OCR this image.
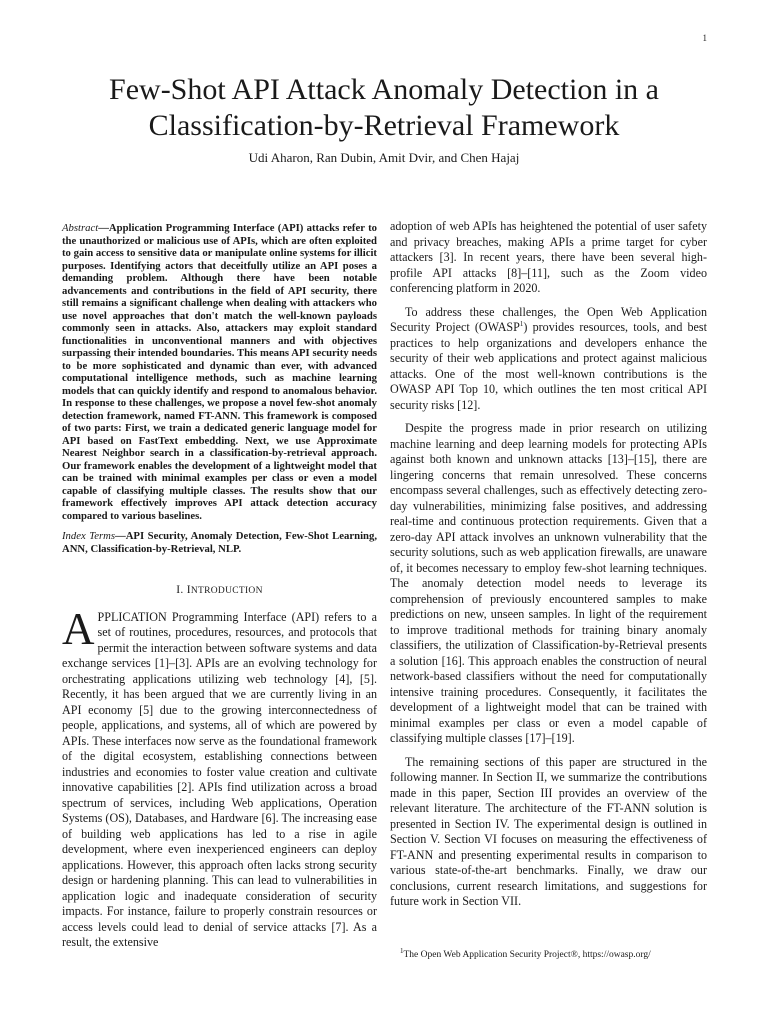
1
Few-Shot API Attack Anomaly Detection in a
Classification-by-Retrieval Framework
Udi Aharon, Ran Dubin, Amit Dvir, and Chen Hajaj

Abstract—Application Programming Interface (API) attacks refer to the unauthorized or malicious use of APIs, which are often exploited to gain access to sensitive data or manipulate online systems for illicit purposes. Identifying actors that deceitfully utilize an API poses a demanding problem. Although there have been notable advancements and contributions in the field of API security, there still remains a significant challenge when dealing with attackers who use novel approaches that don't match the well-known payloads commonly seen in attacks. Also, attackers may exploit standard functionalities in unconventional manners and with objectives surpassing their intended boundaries. This means API security needs to be more sophisticated and dynamic than ever, with advanced computational intelligence methods, such as machine learning models that can quickly identify and respond to anomalous behavior. In response to these challenges, we propose a novel few-shot anomaly detection framework, named FT-ANN. This framework is composed of two parts: First, we train a dedicated generic language model for API based on FastText embedding. Next, we use Approximate Nearest Neighbor search in a classification-by-retrieval approach. Our framework enables the development of a lightweight model that can be trained with minimal examples per class or even a model capable of classifying multiple classes. The results show that our framework effectively improves API attack detection accuracy compared to various baselines.

Index Terms—API Security, Anomaly Detection, Few-Shot Learning, ANN, Classification-by-Retrieval, NLP.

I. INTRODUCTION

APPLICATION Programming Interface (API) refers to a set of routines, procedures, resources, and protocols that permit the interaction between software systems and data exchange services [1]–[3]. APIs are an evolving technology for orchestrating applications utilizing web technology [4], [5]. Recently, it has been argued that we are currently living in an API economy [5] due to the growing interconnectedness of people, applications, and systems, all of which are powered by APIs. These interfaces now serve as the foundational framework of the digital ecosystem, establishing connections between industries and economies to foster value creation and cultivate innovative capabilities [2]. APIs find utilization across a broad spectrum of services, including Web applications, Operation Systems (OS), Databases, and Hardware [6]. The increasing ease of building web applications has led to a rise in agile development, where even inexperienced engineers can deploy applications. However, this approach often lacks strong security design or hardening planning. This can lead to vulnerabilities in application logic and inadequate consideration of security impacts. For instance, failure to properly constrain resources or access levels could lead to denial of service attacks [7]. As a result, the extensive

adoption of web APIs has heightened the potential of user safety and privacy breaches, making APIs a prime target for cyber attackers [3]. In recent years, there have been several high-profile API attacks [8]–[11], such as the Zoom video conferencing platform in 2020.

To address these challenges, the Open Web Application Security Project (OWASP$^1$) provides resources, tools, and best practices to help organizations and developers enhance the security of their web applications and protect against malicious attacks. One of the most well-known contributions is the OWASP API Top 10, which outlines the ten most critical API security risks [12].

Despite the progress made in prior research on utilizing machine learning and deep learning models for protecting APIs against both known and unknown attacks [13]–[15], there are lingering concerns that remain unresolved. These concerns encompass several challenges, such as effectively detecting zero-day vulnerabilities, minimizing false positives, and addressing real-time and continuous protection requirements. Given that a zero-day API attack involves an unknown vulnerability that the security solutions, such as web application firewalls, are unaware of, it becomes necessary to employ few-shot learning techniques. The anomaly detection model needs to leverage its comprehension of previously encountered samples to make predictions on new, unseen samples. In light of the requirement to improve traditional methods for training binary anomaly classifiers, the utilization of Classification-by-Retrieval presents a solution [16]. This approach enables the construction of neural network-based classifiers without the need for computationally intensive training procedures. Consequently, it facilitates the development of a lightweight model that can be trained with minimal examples per class or even a model capable of classifying multiple classes [17]–[19].

The remaining sections of this paper are structured in the following manner. In Section II, we summarize the contributions made in this paper, Section III provides an overview of the relevant literature. The architecture of the FT-ANN solution is presented in Section IV. The experimental design is outlined in Section V. Section VI focuses on measuring the effectiveness of FT-ANN and presenting experimental results in comparison to various state-of-the-art benchmarks. Finally, we draw our conclusions, current research limitations, and suggestions for future work in Section VII.

$^1$The Open Web Application Security Project®, https://owasp.org/
